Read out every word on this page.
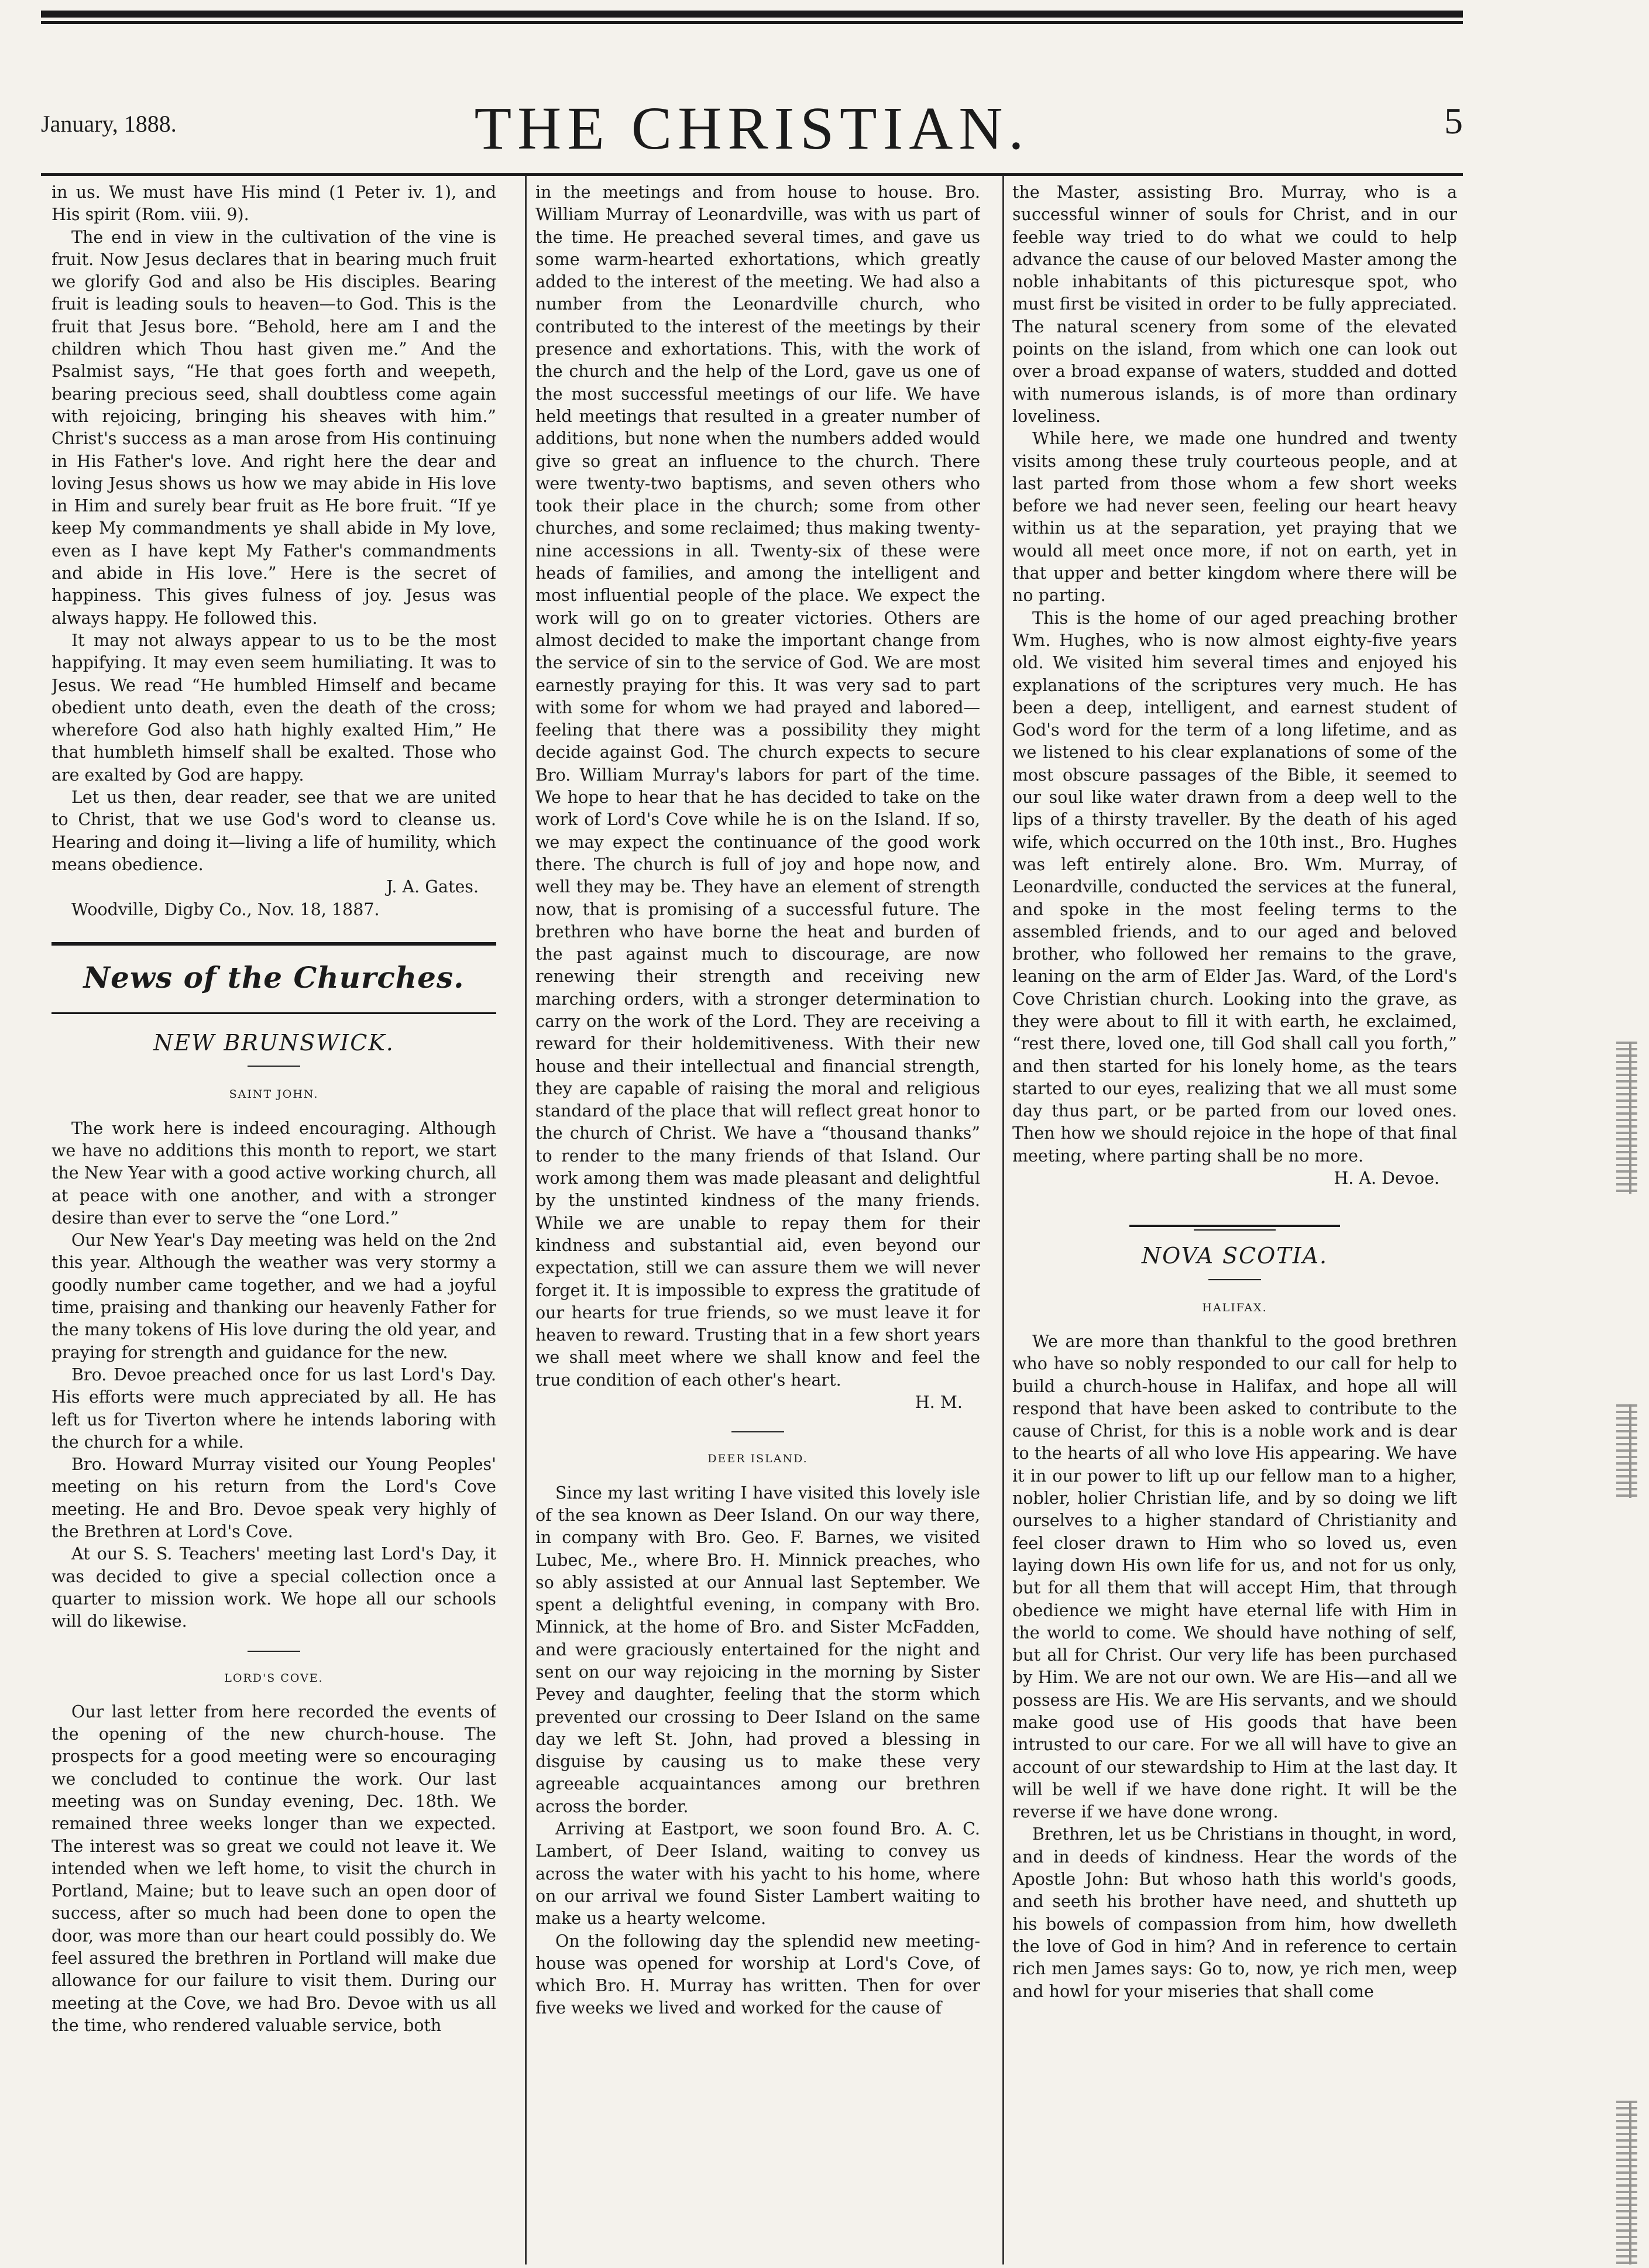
January, 1888.	THE CHRISTIAN.	5

in us. We must have His mind (1 Peter iv. 1), and His spirit (Rom. viii. 9).

The end in view in the cultivation of the vine is fruit. Now Jesus declares that in bearing much fruit we glorify God and also be His disciples. Bearing fruit is leading souls to heaven—to God. This is the fruit that Jesus bore. “Behold, here am I and the children which Thou hast given me.” And the Psalmist says, “He that goes forth and weepeth, bearing precious seed, shall doubtless come again with rejoicing, bringing his sheaves with him.” Christ's success as a man arose from His continuing in His Father's love. And right here the dear and loving Jesus shows us how we may abide in His love in Him and surely bear fruit as He bore fruit. “If ye keep My commandments ye shall abide in My love, even as I have kept My Father's commandments and abide in His love.” Here is the secret of happiness. This gives fulness of joy. Jesus was always happy. He followed this.

It may not always appear to us to be the most happifying. It may even seem humiliating. It was to Jesus. We read “He humbled Himself and became obedient unto death, even the death of the cross; wherefore God also hath highly exalted Him,” He that humbleth himself shall be exalted. Those who are exalted by God are happy.

Let us then, dear reader, see that we are united to Christ, that we use God's word to cleanse us. Hearing and doing it—living a life of humility, which means obedience.

J. A. Gates.
Woodville, Digby Co., Nov. 18, 1887.
News of the Churches.
NEW BRUNSWICK.
SAINT JOHN.

The work here is indeed encouraging. Although we have no additions this month to report, we start the New Year with a good active working church, all at peace with one another, and with a stronger desire than ever to serve the “one Lord.”

Our New Year's Day meeting was held on the 2nd this year. Although the weather was very stormy a goodly number came together, and we had a joyful time, praising and thanking our heavenly Father for the many tokens of His love during the old year, and praying for strength and guidance for the new.

Bro. Devoe preached once for us last Lord's Day. His efforts were much appreciated by all. He has left us for Tiverton where he intends laboring with the church for a while.

Bro. Howard Murray visited our Young Peoples' meeting on his return from the Lord's Cove meeting. He and Bro. Devoe speak very highly of the Brethren at Lord's Cove.

At our S. S. Teachers' meeting last Lord's Day, it was decided to give a special collection once a quarter to mission work. We hope all our schools will do likewise.

LORD'S COVE.

Our last letter from here recorded the events of the opening of the new church-house. The prospects for a good meeting were so encouraging we concluded to continue the work. Our last meeting was on Sunday evening, Dec. 18th. We remained three weeks longer than we expected. The interest was so great we could not leave it. We intended when we left home, to visit the church in Portland, Maine; but to leave such an open door of success, after so much had been done to open the door, was more than our heart could possibly do. We feel assured the brethren in Portland will make due allowance for our failure to visit them. During our meeting at the Cove, we had Bro. Devoe with us all the time, who rendered valuable service, both

in the meetings and from house to house. Bro. William Murray of Leonardville, was with us part of the time. He preached several times, and gave us some warm-hearted exhortations, which greatly added to the interest of the meeting. We had also a number from the Leonardville church, who contributed to the interest of the meetings by their presence and exhortations. This, with the work of the church and the help of the Lord, gave us one of the most successful meetings of our life. We have held meetings that resulted in a greater number of additions, but none when the numbers added would give so great an influence to the church. There were twenty-two baptisms, and seven others who took their place in the church; some from other churches, and some reclaimed; thus making twenty-nine accessions in all. Twenty-six of these were heads of families, and among the intelligent and most influential people of the place. We expect the work will go on to greater victories. Others are almost decided to make the important change from the service of sin to the service of God. We are most earnestly praying for this. It was very sad to part with some for whom we had prayed and labored—feeling that there was a possibility they might decide against God. The church expects to secure Bro. William Murray's labors for part of the time. We hope to hear that he has decided to take on the work of Lord's Cove while he is on the Island. If so, we may expect the continuance of the good work there. The church is full of joy and hope now, and well they may be. They have an element of strength now, that is promising of a successful future. The brethren who have borne the heat and burden of the past against much to discourage, are now renewing their strength and receiving new marching orders, with a stronger determination to carry on the work of the Lord. They are receiving a reward for their holdemitiveness. With their new house and their intellectual and financial strength, they are capable of raising the moral and religious standard of the place that will reflect great honor to the church of Christ. We have a “thousand thanks” to render to the many friends of that Island. Our work among them was made pleasant and delightful by the unstinted kindness of the many friends. While we are unable to repay them for their kindness and substantial aid, even beyond our expectation, still we can assure them we will never forget it. It is impossible to express the gratitude of our hearts for true friends, so we must leave it for heaven to reward. Trusting that in a few short years we shall meet where we shall know and feel the true condition of each other's heart.

H. M.
DEER ISLAND.

Since my last writing I have visited this lovely isle of the sea known as Deer Island. On our way there, in company with Bro. Geo. F. Barnes, we visited Lubec, Me., where Bro. H. Minnick preaches, who so ably assisted at our Annual last September. We spent a delightful evening, in company with Bro. Minnick, at the home of Bro. and Sister McFadden, and were graciously entertained for the night and sent on our way rejoicing in the morning by Sister Pevey and daughter, feeling that the storm which prevented our crossing to Deer Island on the same day we left St. John, had proved a blessing in disguise by causing us to make these very agreeable acquaintances among our brethren across the border.

Arriving at Eastport, we soon found Bro. A. C. Lambert, of Deer Island, waiting to convey us across the water with his yacht to his home, where on our arrival we found Sister Lambert waiting to make us a hearty welcome.

On the following day the splendid new meeting-house was opened for worship at Lord's Cove, of which Bro. H. Murray has written. Then for over five weeks we lived and worked for the cause of

the Master, assisting Bro. Murray, who is a successful winner of souls for Christ, and in our feeble way tried to do what we could to help advance the cause of our beloved Master among the noble inhabitants of this picturesque spot, who must first be visited in order to be fully appreciated. The natural scenery from some of the elevated points on the island, from which one can look out over a broad expanse of waters, studded and dotted with numerous islands, is of more than ordinary loveliness.

While here, we made one hundred and twenty visits among these truly courteous people, and at last parted from those whom a few short weeks before we had never seen, feeling our heart heavy within us at the separation, yet praying that we would all meet once more, if not on earth, yet in that upper and better kingdom where there will be no parting.

This is the home of our aged preaching brother Wm. Hughes, who is now almost eighty-five years old. We visited him several times and enjoyed his explanations of the scriptures very much. He has been a deep, intelligent, and earnest student of God's word for the term of a long lifetime, and as we listened to his clear explanations of some of the most obscure passages of the Bible, it seemed to our soul like water drawn from a deep well to the lips of a thirsty traveller. By the death of his aged wife, which occurred on the 10th inst., Bro. Hughes was left entirely alone. Bro. Wm. Murray, of Leonardville, conducted the services at the funeral, and spoke in the most feeling terms to the assembled friends, and to our aged and beloved brother, who followed her remains to the grave, leaning on the arm of Elder Jas. Ward, of the Lord's Cove Christian church. Looking into the grave, as they were about to fill it with earth, he exclaimed, “rest there, loved one, till God shall call you forth,” and then started for his lonely home, as the tears started to our eyes, realizing that we all must some day thus part, or be parted from our loved ones. Then how we should rejoice in the hope of that final meeting, where parting shall be no more.

H. A. Devoe.
NOVA SCOTIA.
HALIFAX.

We are more than thankful to the good brethren who have so nobly responded to our call for help to build a church-house in Halifax, and hope all will respond that have been asked to contribute to the cause of Christ, for this is a noble work and is dear to the hearts of all who love His appearing. We have it in our power to lift up our fellow man to a higher, nobler, holier Christian life, and by so doing we lift ourselves to a higher standard of Christianity and feel closer drawn to Him who so loved us, even laying down His own life for us, and not for us only, but for all them that will accept Him, that through obedience we might have eternal life with Him in the world to come. We should have nothing of self, but all for Christ. Our very life has been purchased by Him. We are not our own. We are His—and all we possess are His. We are His servants, and we should make good use of His goods that have been intrusted to our care. For we all will have to give an account of our stewardship to Him at the last day. It will be well if we have done right. It will be the reverse if we have done wrong.

Brethren, let us be Christians in thought, in word, and in deeds of kindness. Hear the words of the Apostle John: But whoso hath this world's goods, and seeth his brother have need, and shutteth up his bowels of compassion from him, how dwelleth the love of God in him? And in reference to certain rich men James says: Go to, now, ye rich men, weep and howl for your miseries that shall come
